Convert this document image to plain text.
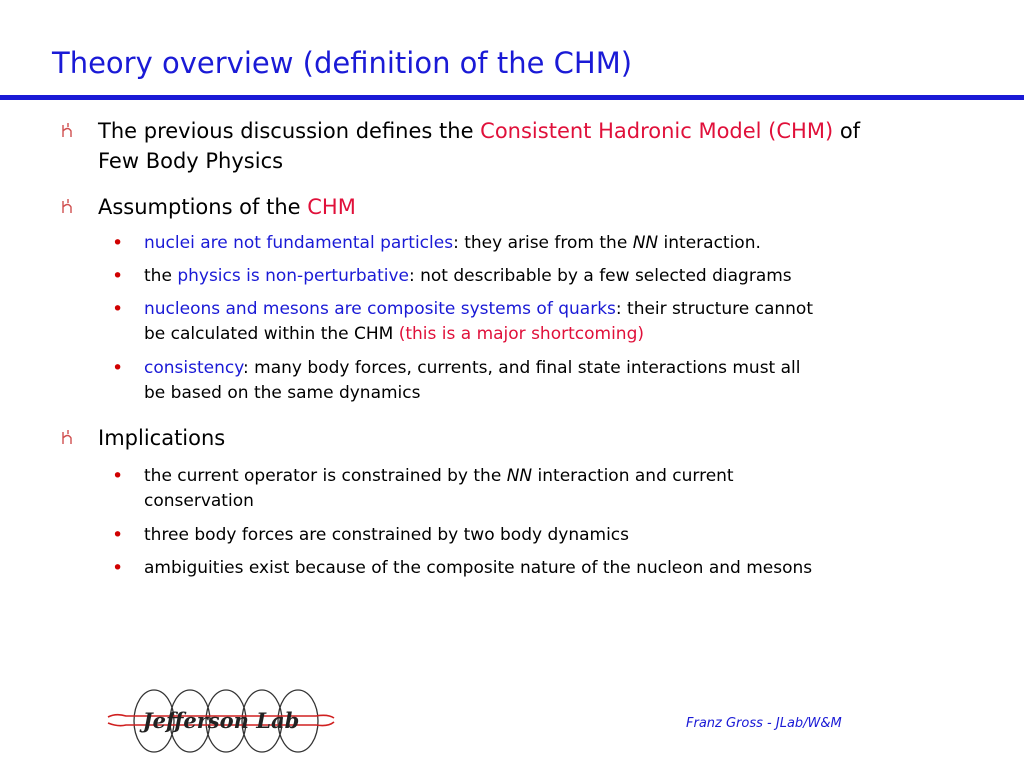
Theory overview (definition of the CHM)
The previous discussion defines the Consistent Hadronic Model (CHM) of
Few Body Physics
Assumptions of the CHM
• nuclei are not fundamental particles: they arise from the NN interaction.
• the physics is non-perturbative: not describable by a few selected diagrams
• nucleons and mesons are composite systems of quarks: their structure cannot
be calculated within the CHM (this is a major shortcoming)
• consistency: many body forces, currents, and final state interactions must all
be based on the same dynamics
Implications
• the current operator is constrained by the NN interaction and current
conservation
• three body forces are constrained by two body dynamics
• ambiguities exist because of the composite nature of the nucleon and mesons
Jefferson Lab	Franz Gross - JLab/W&M
